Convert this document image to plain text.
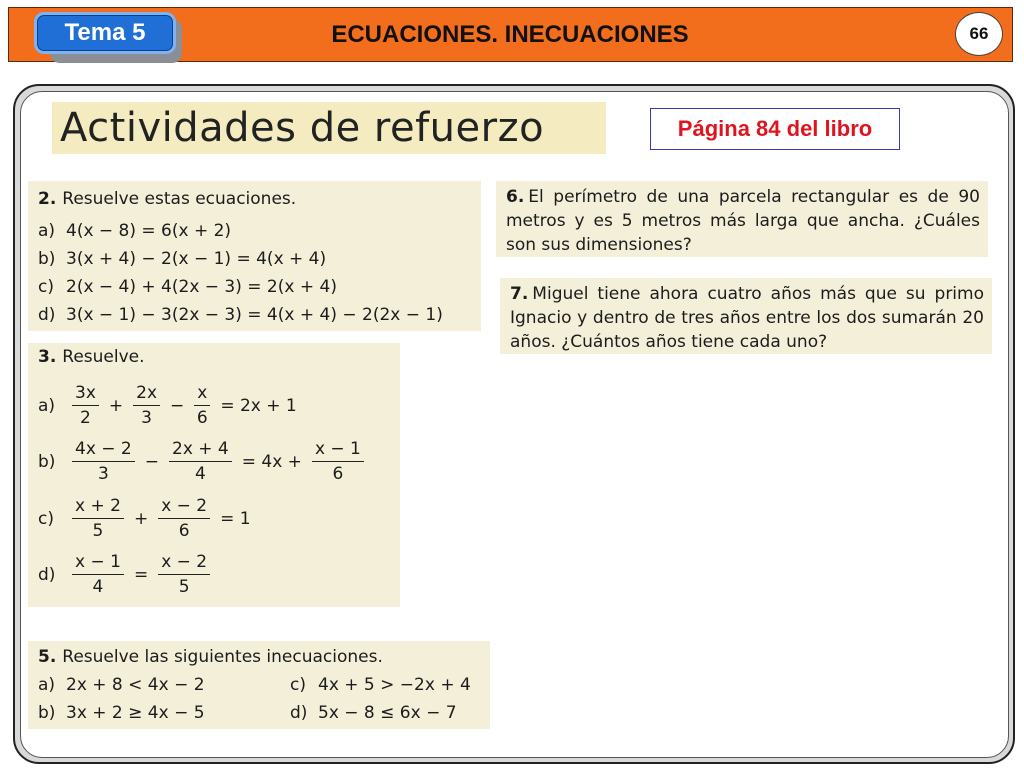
Tema 5	ECUACIONES. INECUACIONES	66
Actividades de refuerzo	Página 84 del libro
2. Resuelve estas ecuaciones.
a) 4(x − 8) = 6(x + 2)
b) 3(x + 4) − 2(x − 1) = 4(x + 4)
c) 2(x − 4) + 4(2x − 3) = 2(x + 4)
d) 3(x − 1) − 3(2x − 3) = 4(x + 4) − 2(2x − 1)
3. Resuelve.
$a) \frac{3x}{2} + \frac{2x}{3} - \frac{x}{6} = 2x + 1$
$b) \frac{4x - 2}{3} - \frac{2x + 4}{4} = 4x + \frac{x - 1}{6}$
c)	$\frac{x + 2}{5} + \frac{x - 2}{6} = 1$
$d) \frac{x - 1}{4} = \frac{x - 2}{5}$
5. Resuelve las siguientes inecuaciones.
a) 2x + 8 < 4x − 2	c) 4x + 5 > −2x + 4
b) 3x + 2 ≥ 4x − 5	d) 5x − 8 ≤ 6x − 7
6. El perímetro de una parcela rectangular es de 90 metros y es 5 metros más larga que ancha. ¿Cuáles son sus dimensiones?
7. Miguel tiene ahora cuatro años más que su primo Ignacio y dentro de tres años entre los dos sumarán 20 años. ¿Cuántos años tiene cada uno?
